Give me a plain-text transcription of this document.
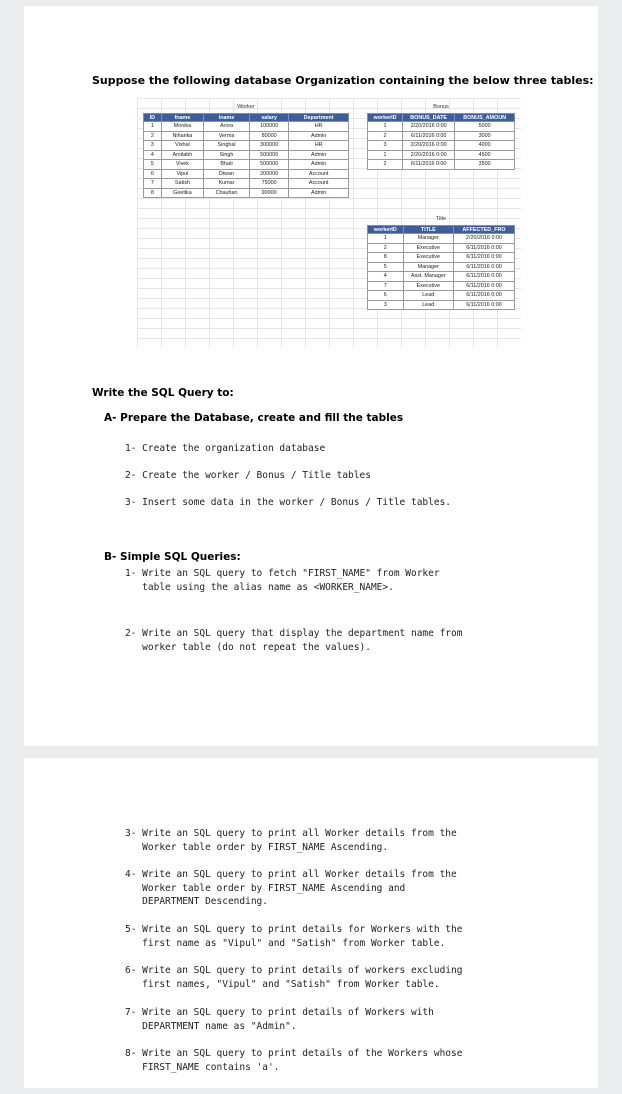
Suppose the following database Organization containing the below three tables:
Worker
ID	fname	lname	salary	Department
1	Monika	Arora	100000	HR
2	Niharika	Verma	80000	Admin
3	Vishal	Singhal	300000	HR
4	Amitabh	Singh	500000	Admin
5	Vivek	Bhati	500000	Admin
6	Vipul	Diwan	200000	Account
7	Satish	Kumar	75000	Account
8	Geetika	Chauhan	90000	Admin
Bonus
workerID	BONUS_DATE	BONUS_AMOUN
1	2/20/2016 0:00	5000
2	6/11/2016 0:00	3000
3	2/20/2016 0:00	4000
1	2/20/2016 0:00	4500
2	6/11/2016 0:00	3500
Title
workerID	TITLE	AFFECTED_FRO
1	Manager	2/20/2016 0:00
2	Executive	6/11/2016 0:00
8	Executive	6/11/2016 0:00
5	Manager	6/11/2016 0:00
4	Asst. Manager	6/11/2016 0:00
7	Executive	6/11/2016 0:00
6	Lead	6/11/2016 0:00
3	Lead	6/11/2016 0:00
Write the SQL Query to:
A- Prepare the Database, create and fill the tables
1- Create the organization database
2- Create the worker / Bonus / Title tables
3- Insert some data in the worker / Bonus / Title tables.
B- Simple SQL Queries:
1- Write an SQL query to fetch "FIRST_NAME" from Worker
table using the alias name as <WORKER_NAME>.
2- Write an SQL query that display the department name from
worker table (do not repeat the values).
3- Write an SQL query to print all Worker details from the
Worker table order by FIRST_NAME Ascending.
4- Write an SQL query to print all Worker details from the
Worker table order by FIRST_NAME Ascending and
DEPARTMENT Descending.
5- Write an SQL query to print details for Workers with the
first name as "Vipul" and "Satish" from Worker table.
6- Write an SQL query to print details of workers excluding
first names, "Vipul" and "Satish" from Worker table.
7- Write an SQL query to print details of Workers with
DEPARTMENT name as "Admin".
8- Write an SQL query to print details of the Workers whose
FIRST_NAME contains 'a'.
